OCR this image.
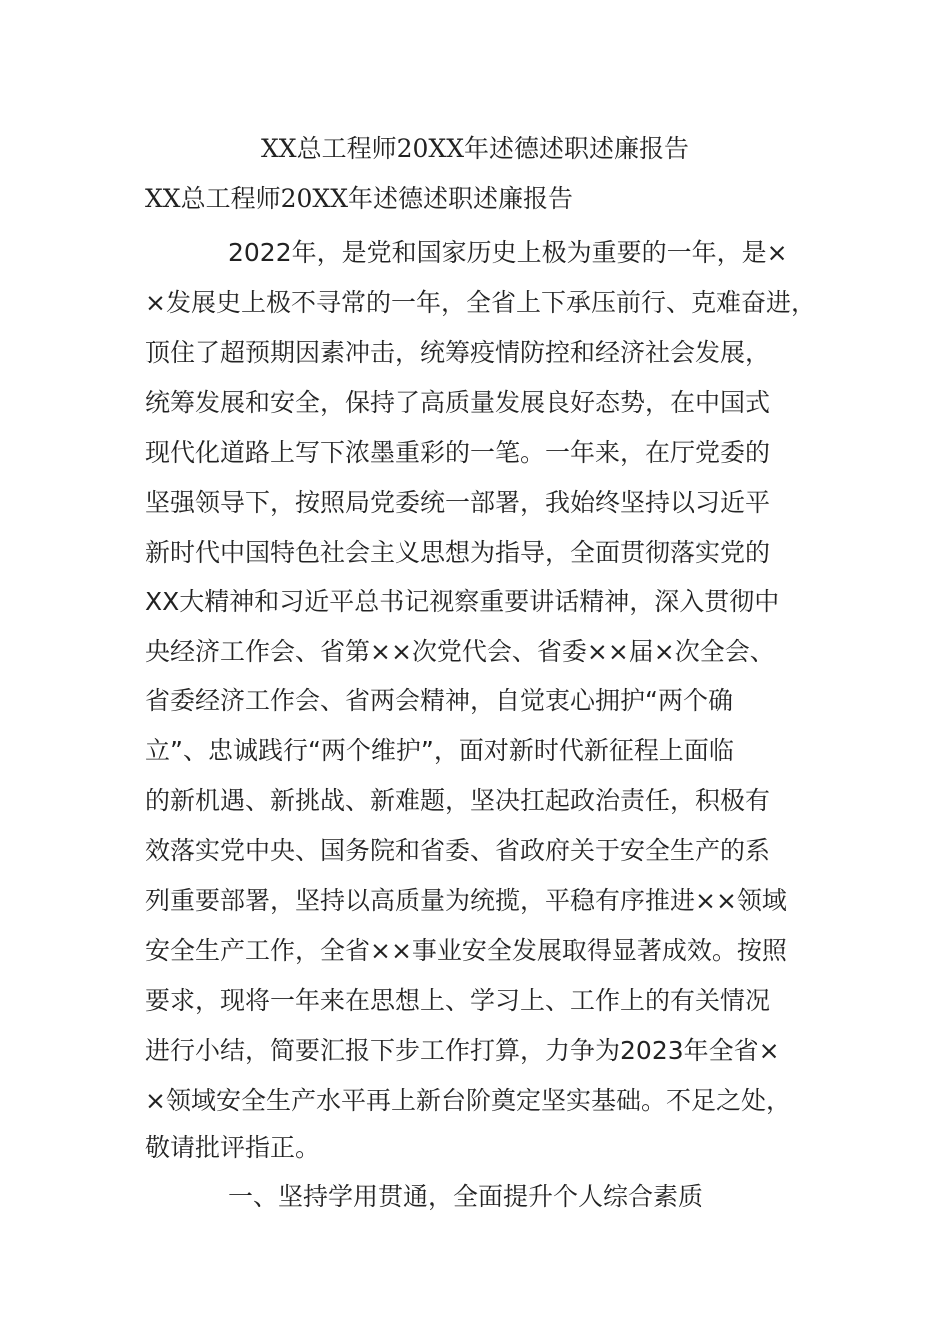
XX总工程师20XX年述德述职述廉报告
XX总工程师20XX年述德述职述廉报告
2022年，是党和国家历史上极为重要的一年，是×
×发展史上极不寻常的一年，全省上下承压前行、克难奋进，
顶住了超预期因素冲击，统筹疫情防控和经济社会发展，
统筹发展和安全，保持了高质量发展良好态势，在中国式
现代化道路上写下浓墨重彩的一笔。一年来，在厅党委的
坚强领导下，按照局党委统一部署，我始终坚持以习近平
新时代中国特色社会主义思想为指导，全面贯彻落实党的
XX大精神和习近平总书记视察重要讲话精神，深入贯彻中
央经济工作会、省第××次党代会、省委××届×次全会、
省委经济工作会、省两会精神，自觉衷心拥护“两个确
立”、忠诚践行“两个维护”，面对新时代新征程上面临
的新机遇、新挑战、新难题，坚决扛起政治责任，积极有
效落实党中央、国务院和省委、省政府关于安全生产的系
列重要部署，坚持以高质量为统揽，平稳有序推进××领域
安全生产工作，全省××事业安全发展取得显著成效。按照
要求，现将一年来在思想上、学习上、工作上的有关情况
进行小结，简要汇报下步工作打算，力争为2023年全省×
×领域安全生产水平再上新台阶奠定坚实基础。不足之处，
敬请批评指正。
一、坚持学用贯通，全面提升个人综合素质
